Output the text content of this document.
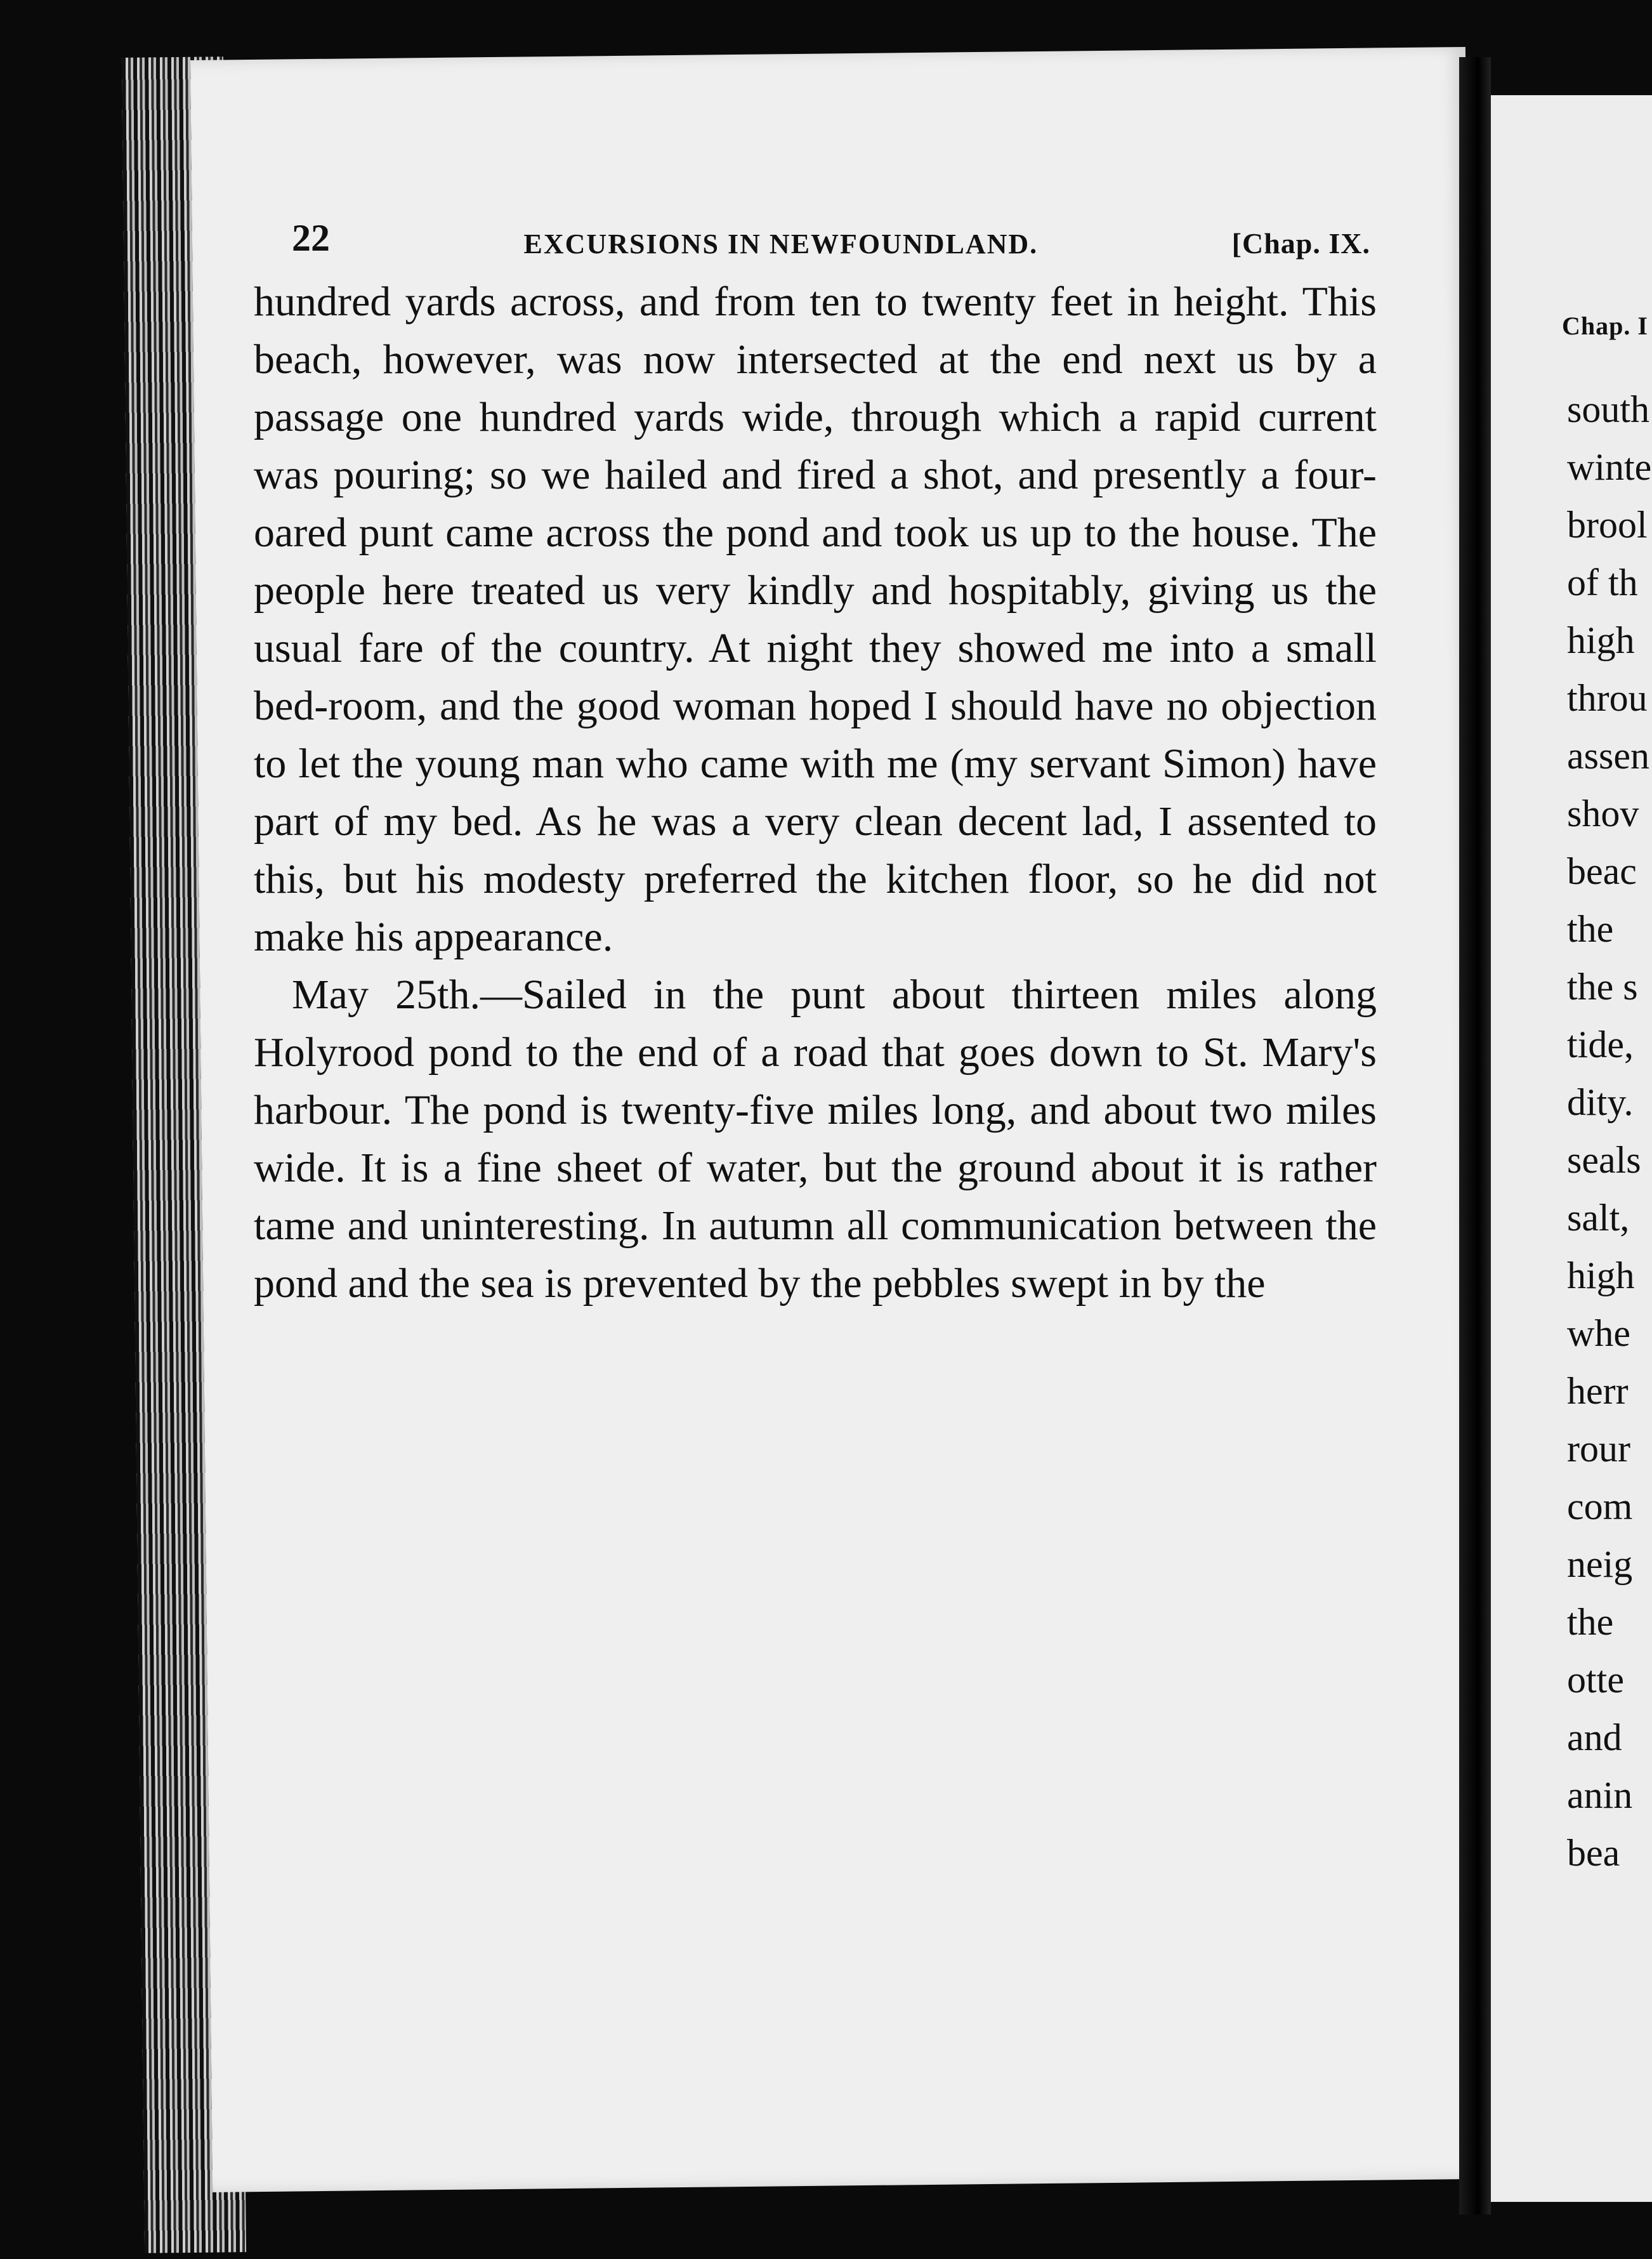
22	EXCURSIONS IN NEWFOUNDLAND.	[Chap. IX.

hundred yards across, and from ten to twenty feet in height. This beach, however, was now intersected at the end next us by a passage one hundred yards wide, through which a rapid current was pouring; so we hailed and fired a shot, and presently a four-oared punt came across the pond and took us up to the house. The people here treated us very kindly and hospitably, giving us the usual fare of the country. At night they showed me into a small bed-room, and the good woman hoped I should have no objection to let the young man who came with me (my servant Simon) have part of my bed. As he was a very clean decent lad, I assented to this, but his modesty preferred the kitchen floor, so he did not make his appearance.

May 25th.—Sailed in the punt about thirteen miles along Holyrood pond to the end of a road that goes down to St. Mary's harbour. The pond is twenty-five miles long, and about two miles wide. It is a fine sheet of water, but the ground about it is rather tame and uninteresting. In autumn all communication between the pond and the sea is prevented by the pebbles swept in by the

Chap. I
south
winte
brool
of th
high
throu
assen
shov
beac
the
the s
tide,
dity.
seals
salt,
high
whe
herr
rour
com
neig
the
otte
and
anin
bea
